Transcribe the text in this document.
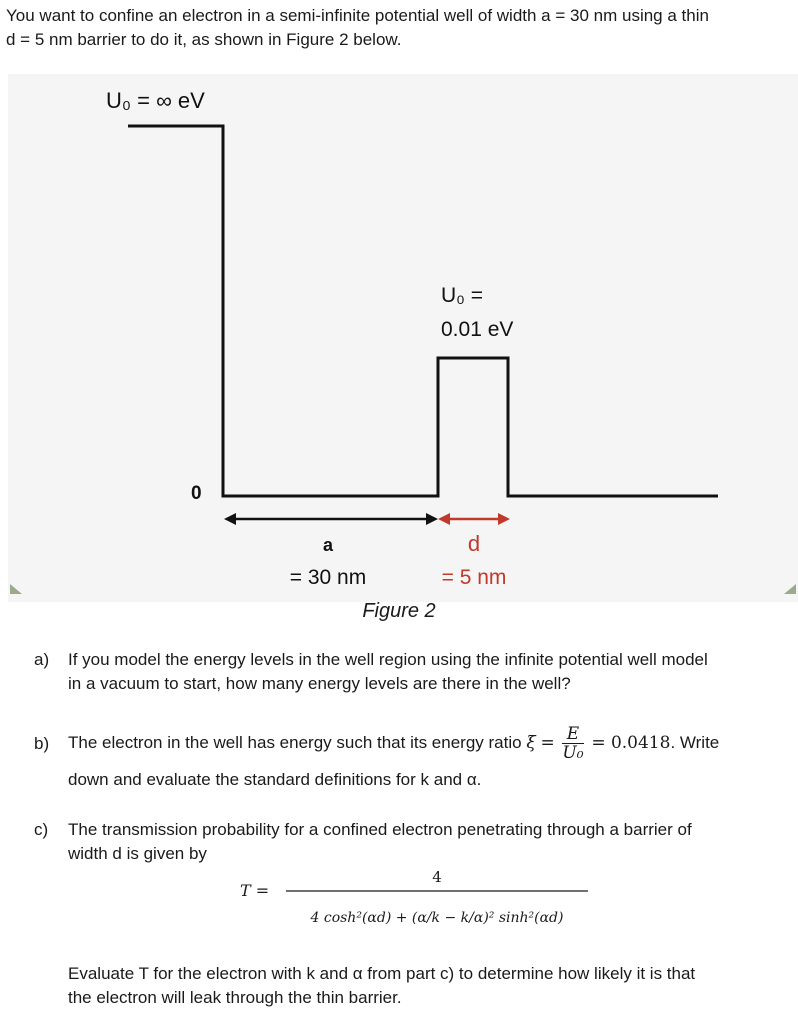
You want to confine an electron in a semi-infinite potential well of width a = 30 nm using a thin
d = 5 nm barrier to do it, as shown in Figure 2 below.

U₀ = ∞ eV
U₀ =
0.01 eV
0
a
= 30 nm
d
= 5 nm
Figure 2
a) If you model the energy levels in the well region using the infinite potential well model
in a vacuum to start, how many energy levels are there in the well?
b) The electron in the well has energy such that its energy ratio $\xi = \frac{E}{\text{U₀}} = 0.0418$. Write
down and evaluate the standard definitions for k and α.
c) The transmission probability for a confined electron penetrating through a barrier of
width d is given by
T =
4
4 cosh²(αd) + (α/k − k/α)² sinh²(αd)
Evaluate T for the electron with k and α from part c) to determine how likely it is that
the electron will leak through the thin barrier.
